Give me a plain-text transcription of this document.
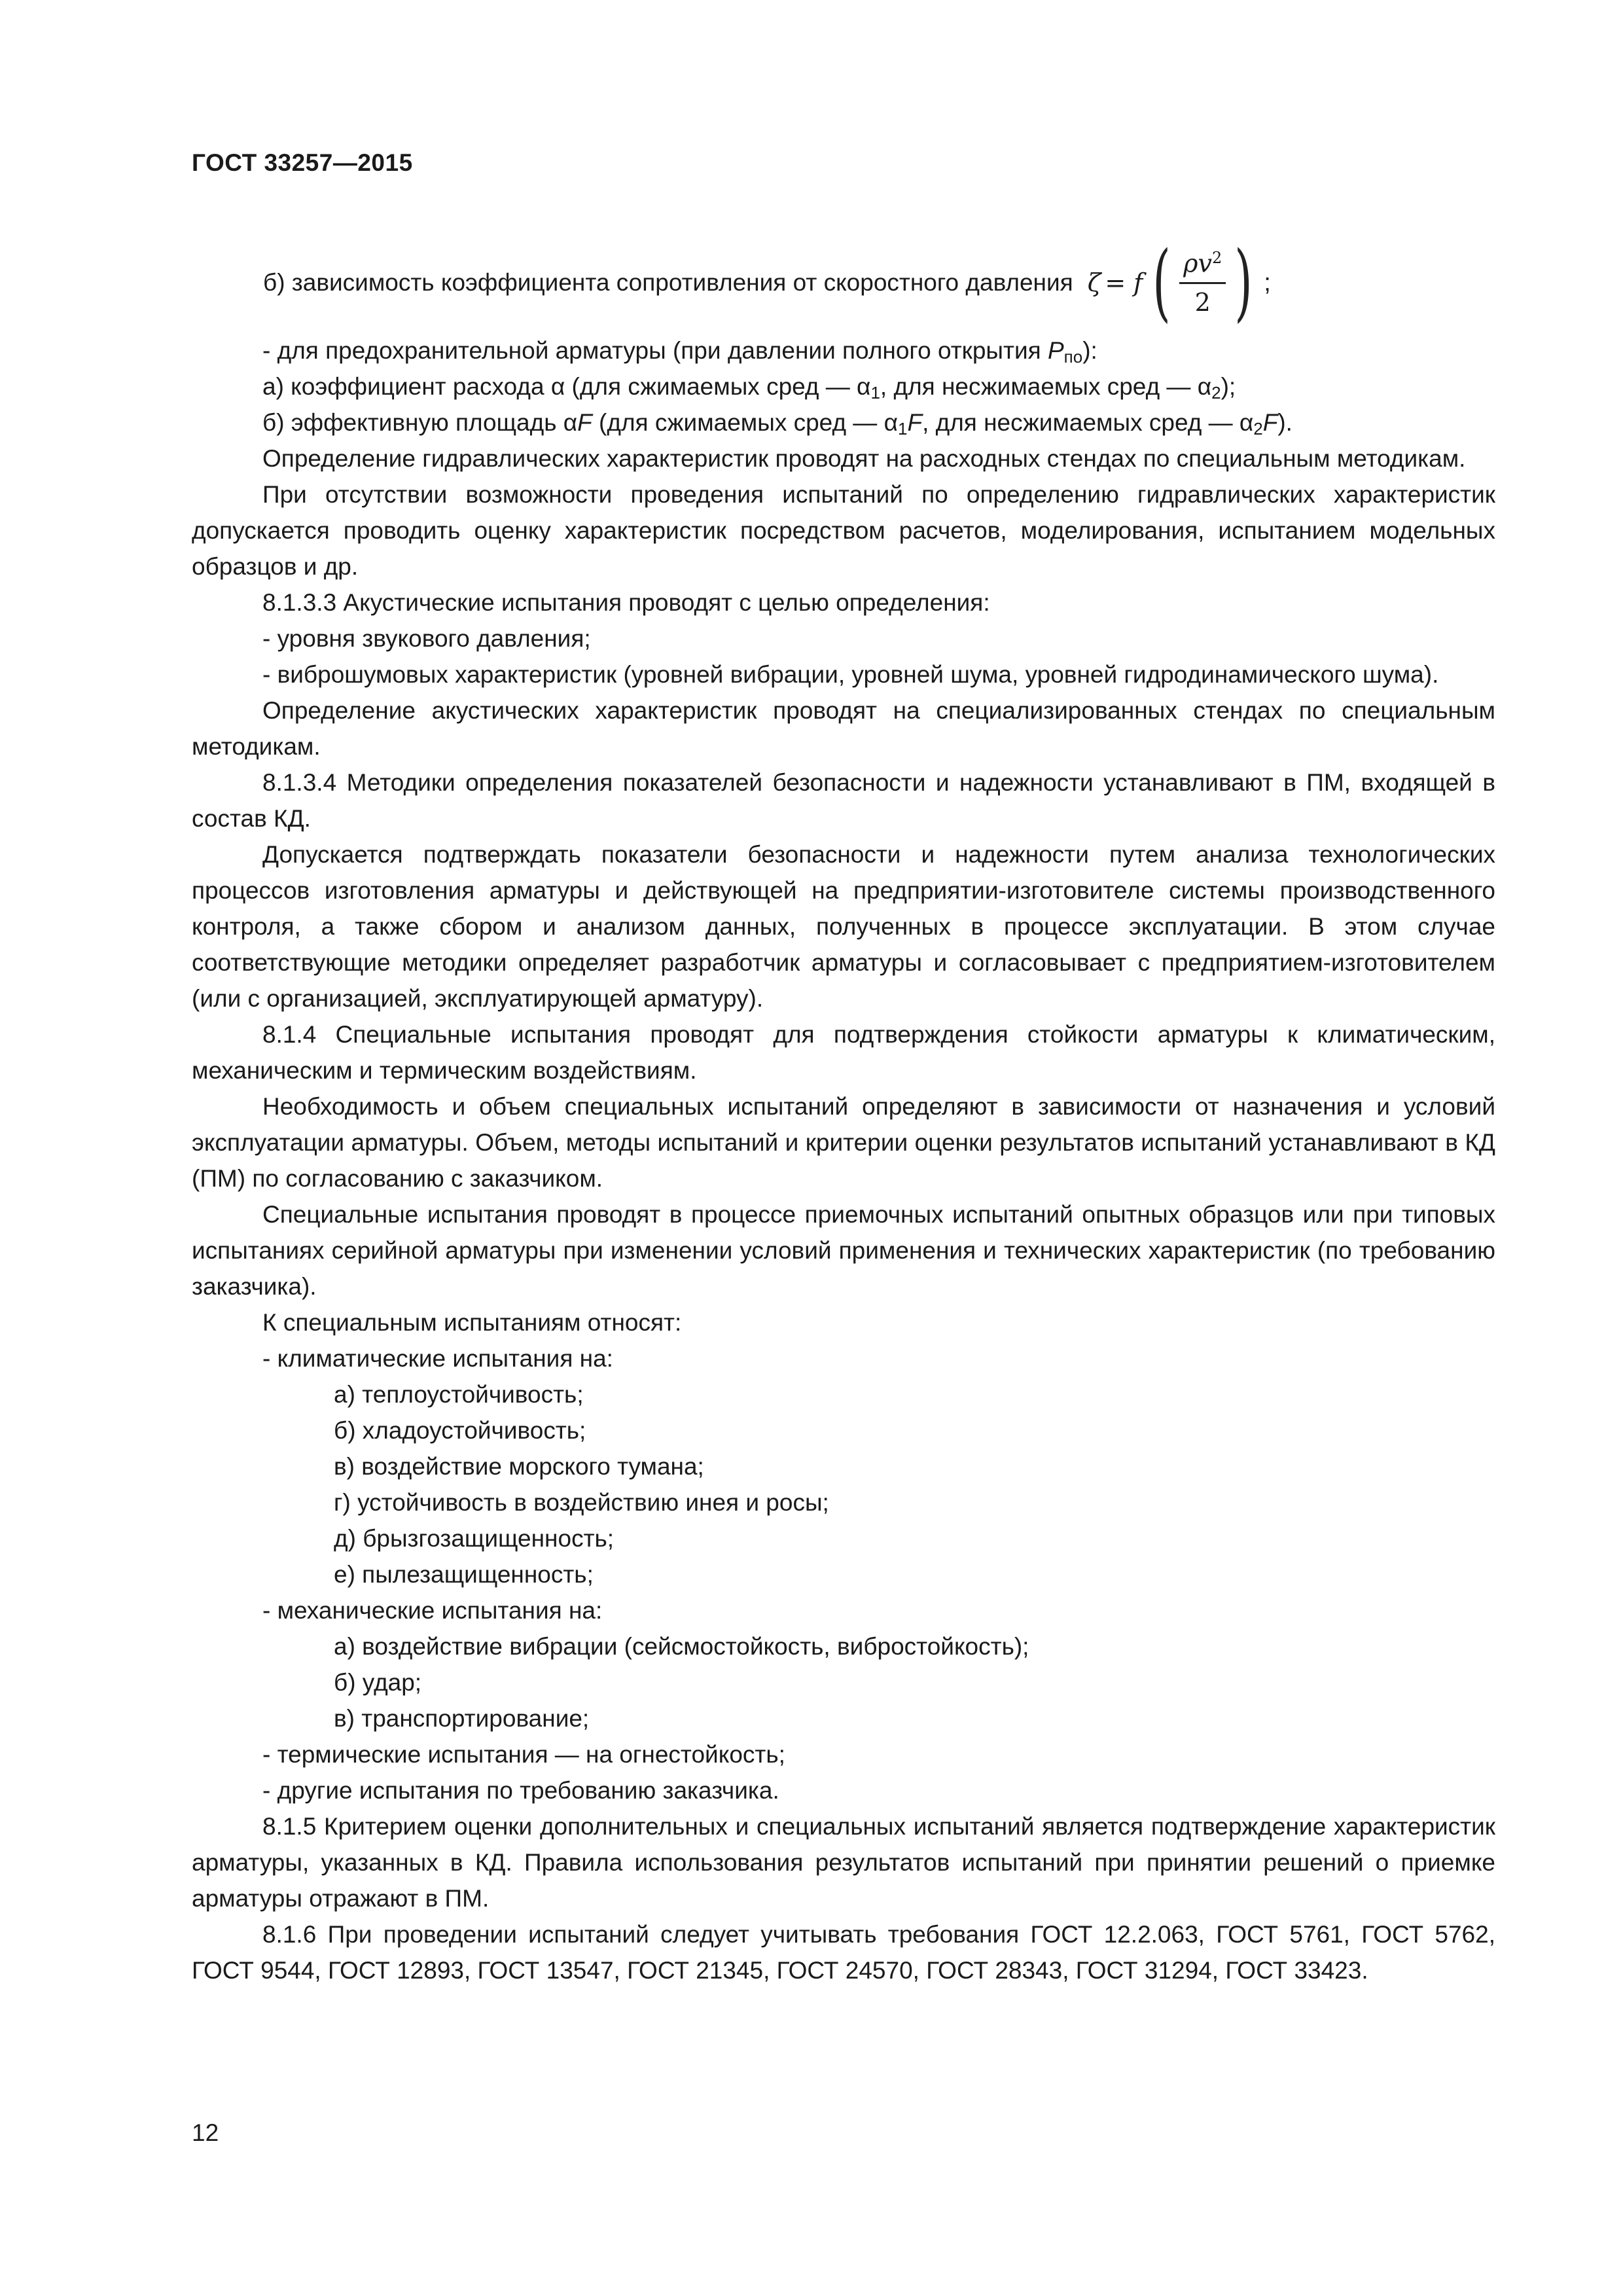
ГОСТ 33257—2015
б) зависимость коэффициента сопротивления от скоростного давления ζ = f ( $\frac{\rho v^2}{2}$ ) ;

- для предохранительной арматуры (при давлении полного открытия $P_{по}$):

а) коэффициент расхода α (для сжимаемых сред — $\alpha_1$, для несжимаемых сред — $\alpha_2$);

б) эффективную площадь αF (для сжимаемых сред — $\alpha_1F$, для несжимаемых сред — $\alpha_2F$).

Определение гидравлических характеристик проводят на расходных стендах по специальным методикам.

При отсутствии возможности проведения испытаний по определению гидравлических характеристик допускается проводить оценку характеристик посредством расчетов, моделирования, испытанием модельных образцов и др.

8.1.3.3 Акустические испытания проводят с целью определения:

- уровня звукового давления;

- виброшумовых характеристик (уровней вибрации, уровней шума, уровней гидродинамического шума).

Определение акустических характеристик проводят на специализированных стендах по специальным методикам.

8.1.3.4 Методики определения показателей безопасности и надежности устанавливают в ПМ, входящей в состав КД.

Допускается подтверждать показатели безопасности и надежности путем анализа технологических процессов изготовления арматуры и действующей на предприятии-изготовителе системы производственного контроля, а также сбором и анализом данных, полученных в процессе эксплуатации. В этом случае соответствующие методики определяет разработчик арматуры и согласовывает с предприятием-изготовителем (или с организацией, эксплуатирующей арматуру).

8.1.4 Специальные испытания проводят для подтверждения стойкости арматуры к климатическим, механическим и термическим воздействиям.

Необходимость и объем специальных испытаний определяют в зависимости от назначения и условий эксплуатации арматуры. Объем, методы испытаний и критерии оценки результатов испытаний устанавливают в КД (ПМ) по согласованию с заказчиком.

Специальные испытания проводят в процессе приемочных испытаний опытных образцов или при типовых испытаниях серийной арматуры при изменении условий применения и технических характеристик (по требованию заказчика).

К специальным испытаниям относят:

- климатические испытания на:

а) теплоустойчивость;

б) хладоустойчивость;

в) воздействие морского тумана;

г) устойчивость в воздействию инея и росы;

д) брызгозащищенность;

е) пылезащищенность;

- механические испытания на:

а) воздействие вибрации (сейсмостойкость, вибростойкость);

б) удар;

в) транспортирование;

- термические испытания — на огнестойкость;

- другие испытания по требованию заказчика.

8.1.5 Критерием оценки дополнительных и специальных испытаний является подтверждение характеристик арматуры, указанных в КД. Правила использования результатов испытаний при принятии решений о приемке арматуры отражают в ПМ.

8.1.6 При проведении испытаний следует учитывать требования ГОСТ 12.2.063, ГОСТ 5761, ГОСТ 5762, ГОСТ 9544, ГОСТ 12893, ГОСТ 13547, ГОСТ 21345, ГОСТ 24570, ГОСТ 28343, ГОСТ 31294, ГОСТ 33423.

12
